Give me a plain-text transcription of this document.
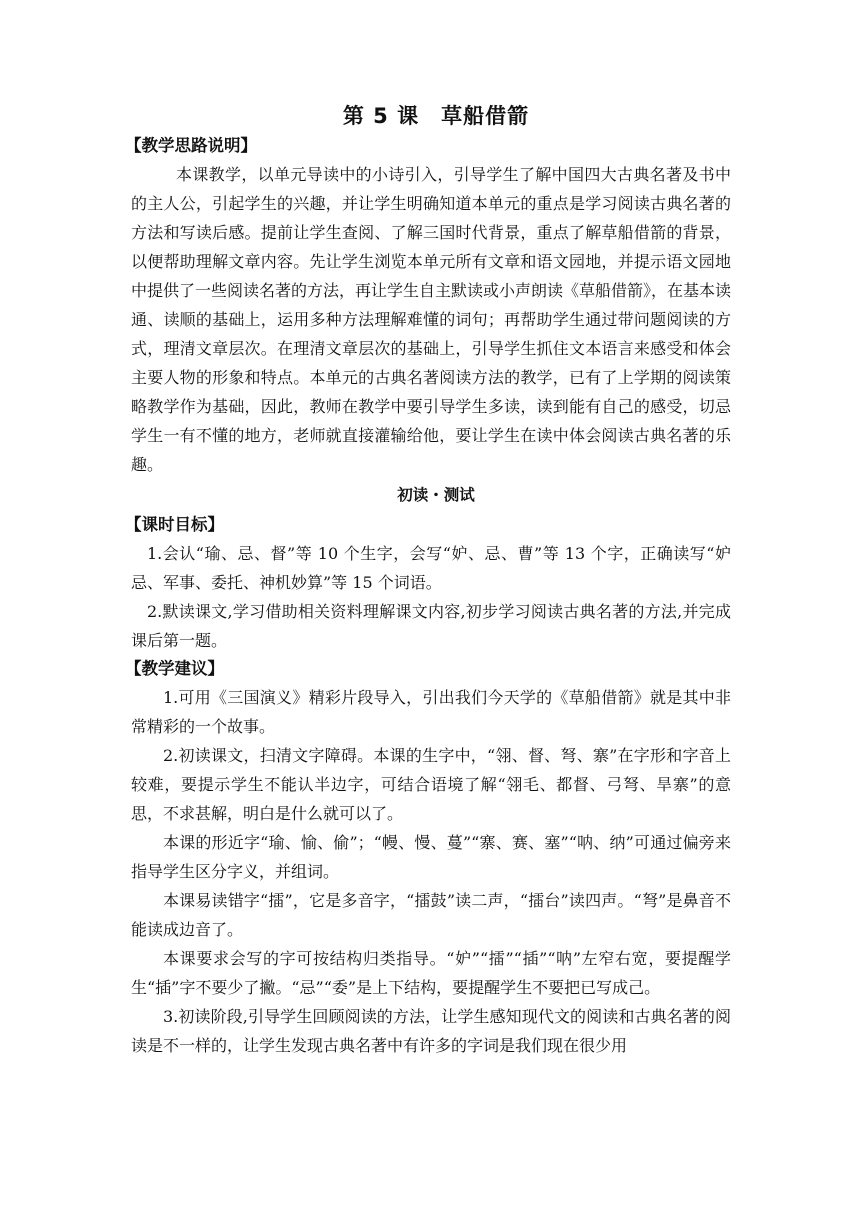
第 5 课　草船借箭
【教学思路说明】

本课教学，以单元导读中的小诗引入，引导学生了解中国四大古典名著及书中的主人公，引起学生的兴趣，并让学生明确知道本单元的重点是学习阅读古典名著的方法和写读后感。提前让学生查阅、了解三国时代背景，重点了解草船借箭的背景，以便帮助理解文章内容。先让学生浏览本单元所有文章和语文园地，并提示语文园地中提供了一些阅读名著的方法，再让学生自主默读或小声朗读《草船借箭》，在基本读通、读顺的基础上，运用多种方法理解难懂的词句；再帮助学生通过带问题阅读的方式，理清文章层次。在理清文章层次的基础上，引导学生抓住文本语言来感受和体会主要人物的形象和特点。本单元的古典名著阅读方法的教学，已有了上学期的阅读策略教学作为基础，因此，教师在教学中要引导学生多读，读到能有自己的感受，切忌学生一有不懂的地方，老师就直接灌输给他，要让学生在读中体会阅读古典名著的乐趣。

初读・测试
【课时目标】

1.会认“瑜、忌、督”等 10 个生字，会写“妒、忌、曹”等 13 个字，正确读写“妒忌、军事、委托、神机妙算”等 15 个词语。

2.默读课文,学习借助相关资料理解课文内容,初步学习阅读古典名著的方法,并完成课后第一题。

【教学建议】

1.可用《三国演义》精彩片段导入，引出我们今天学的《草船借箭》就是其中非常精彩的一个故事。

2.初读课文，扫清文字障碍。本课的生字中，“翎、督、弩、寨”在字形和字音上较难，要提示学生不能认半边字，可结合语境了解“翎毛、都督、弓弩、旱寨”的意思，不求甚解，明白是什么就可以了。

本课的形近字“瑜、愉、偷”；“幔、慢、蔓”“寨、赛、塞”“呐、纳”可通过偏旁来指导学生区分字义，并组词。

本课易读错字“擂”，它是多音字，“擂鼓”读二声，“擂台”读四声。“弩”是鼻音不能读成边音了。

本课要求会写的字可按结构归类指导。“妒”“擂”“插”“呐”左窄右宽，要提醒学生“插”字不要少了撇。“忌”“委”是上下结构，要提醒学生不要把已写成己。

3.初读阶段,引导学生回顾阅读的方法，让学生感知现代文的阅读和古典名著的阅读是不一样的，让学生发现古典名著中有许多的字词是我们现在很少用
